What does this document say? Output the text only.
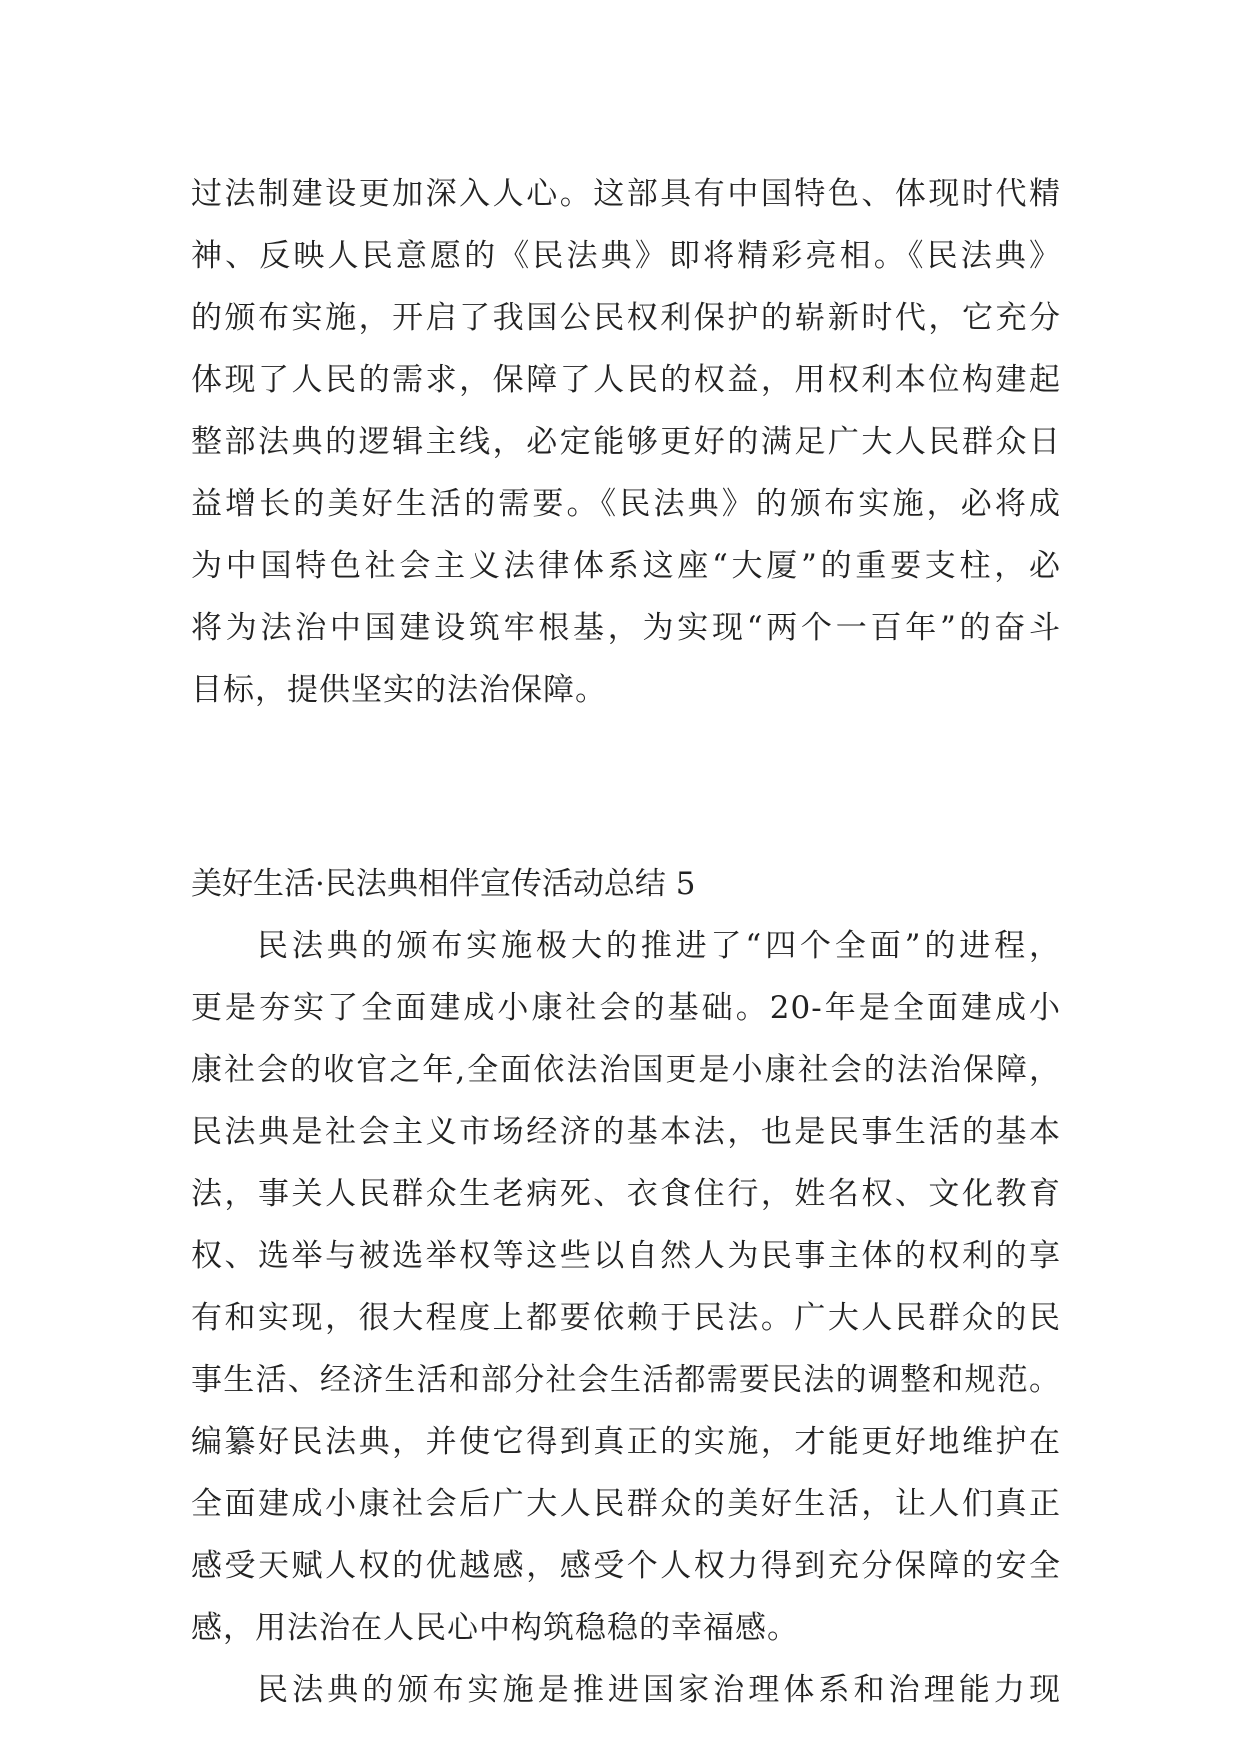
过法制建设更加深入人心。这部具有中国特色、体现时代精
神、反映人民意愿的《民法典》即将精彩亮相。《民法典》
的颁布实施，开启了我国公民权利保护的崭新时代，它充分
体现了人民的需求，保障了人民的权益，用权利本位构建起
整部法典的逻辑主线，必定能够更好的满足广大人民群众日
益增长的美好生活的需要。《民法典》的颁布实施，必将成
为中国特色社会主义法律体系这座“大厦”的重要支柱，必
将为法治中国建设筑牢根基，为实现“两个一百年”的奋斗
目标，提供坚实的法治保障。
美好生活·民法典相伴宣传活动总结 5
民法典的颁布实施极大的推进了“四个全面”的进程，
更是夯实了全面建成小康社会的基础。20-年是全面建成小
康社会的收官之年,全面依法治国更是小康社会的法治保障，
民法典是社会主义市场经济的基本法，也是民事生活的基本
法，事关人民群众生老病死、衣食住行，姓名权、文化教育
权、选举与被选举权等这些以自然人为民事主体的权利的享
有和实现，很大程度上都要依赖于民法。广大人民群众的民
事生活、经济生活和部分社会生活都需要民法的调整和规范。
编纂好民法典，并使它得到真正的实施，才能更好地维护在
全面建成小康社会后广大人民群众的美好生活，让人们真正
感受天赋人权的优越感，感受个人权力得到充分保障的安全
感，用法治在人民心中构筑稳稳的幸福感。
民法典的颁布实施是推进国家治理体系和治理能力现
